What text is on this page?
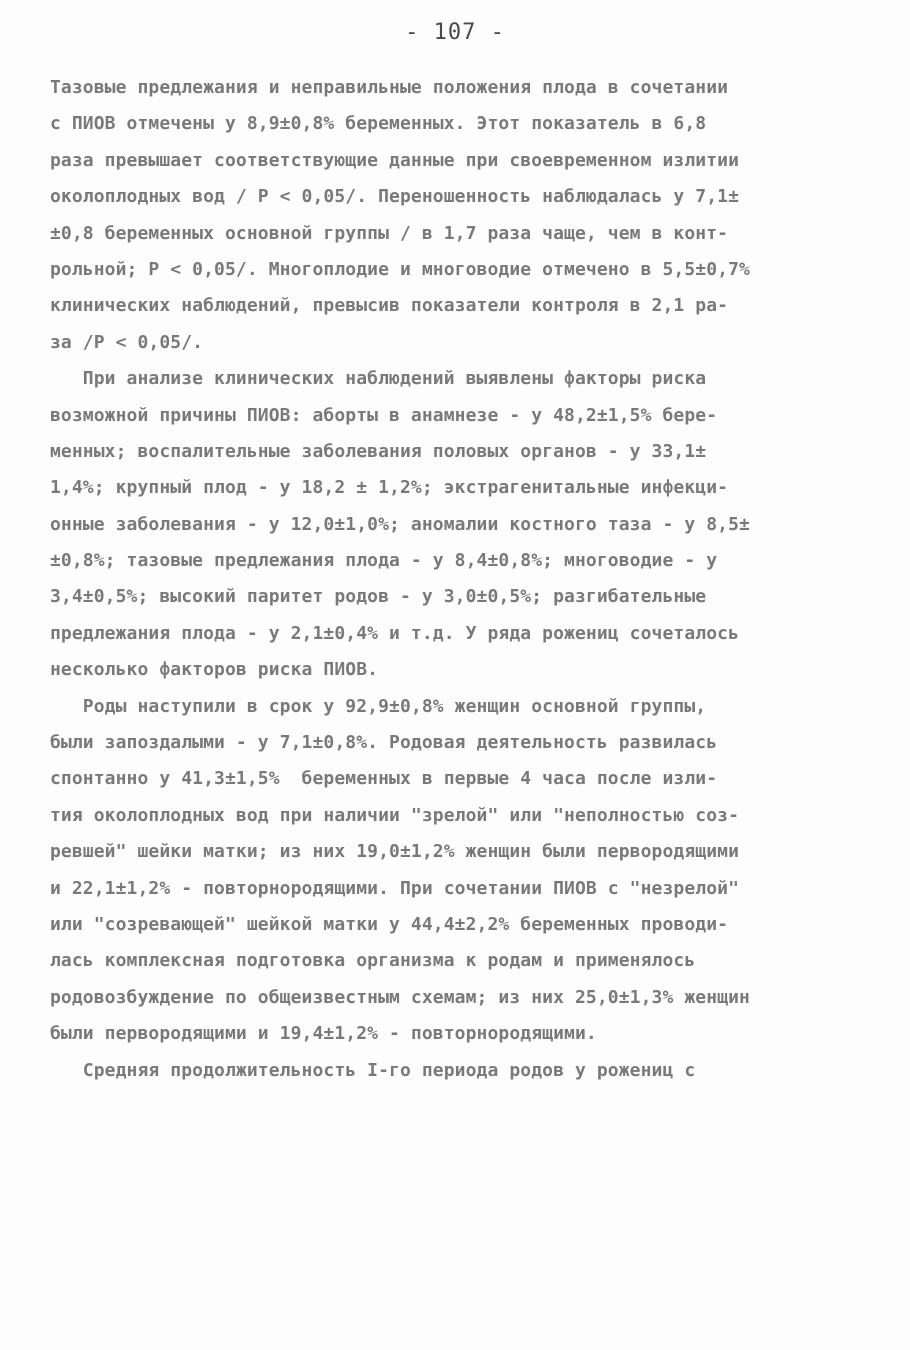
- 107 -
Тазовые предлежания и неправильные положения плода в сочетании
с ПИОВ отмечены у 8,9±0,8% беременных. Этот показатель в 6,8
раза превышает соответствующие данные при своевременном излитии
околоплодных вод / P < 0,05/. Переношенность наблюдалась у 7,1±
±0,8 беременных основной группы / в 1,7 раза чаще, чем в конт-
рольной; P < 0,05/. Многоплодие и многоводие отмечено в 5,5±0,7%
клинических наблюдений, превысив показатели контроля в 2,1 ра-
за /P < 0,05/.
При анализе клинических наблюдений выявлены факторы риска
возможной причины ПИОВ: аборты в анамнезе - у 48,2±1,5% бере-
менных; воспалительные заболевания половых органов - у 33,1±
1,4%; крупный плод - у 18,2 ± 1,2%; экстрагенитальные инфекци-
онные заболевания - у 12,0±1,0%; аномалии костного таза - у 8,5±
±0,8%; тазовые предлежания плода - у 8,4±0,8%; многоводие - у
3,4±0,5%; высокий паритет родов - у 3,0±0,5%; разгибательные
предлежания плода - у 2,1±0,4% и т.д. У ряда рожениц сочеталось
несколько факторов риска ПИОВ.
Роды наступили в срок у 92,9±0,8% женщин основной группы,
были запоздалыми - у 7,1±0,8%. Родовая деятельность развилась
спонтанно у 41,3±1,5%  беременных в первые 4 часа после изли-
тия околоплодных вод при наличии "зрелой" или "неполностью соз-
ревшей" шейки матки; из них 19,0±1,2% женщин были первородящими
и 22,1±1,2% - повторнородящими. При сочетании ПИОВ с "незрелой"
или "созревающей" шейкой матки у 44,4±2,2% беременных проводи-
лась комплексная подготовка организма к родам и применялось
родовозбуждение по общеизвестным схемам; из них 25,0±1,3% женщин
были первородящими и 19,4±1,2% - повторнородящими.
Средняя продолжительность I-го периода родов у рожениц с
